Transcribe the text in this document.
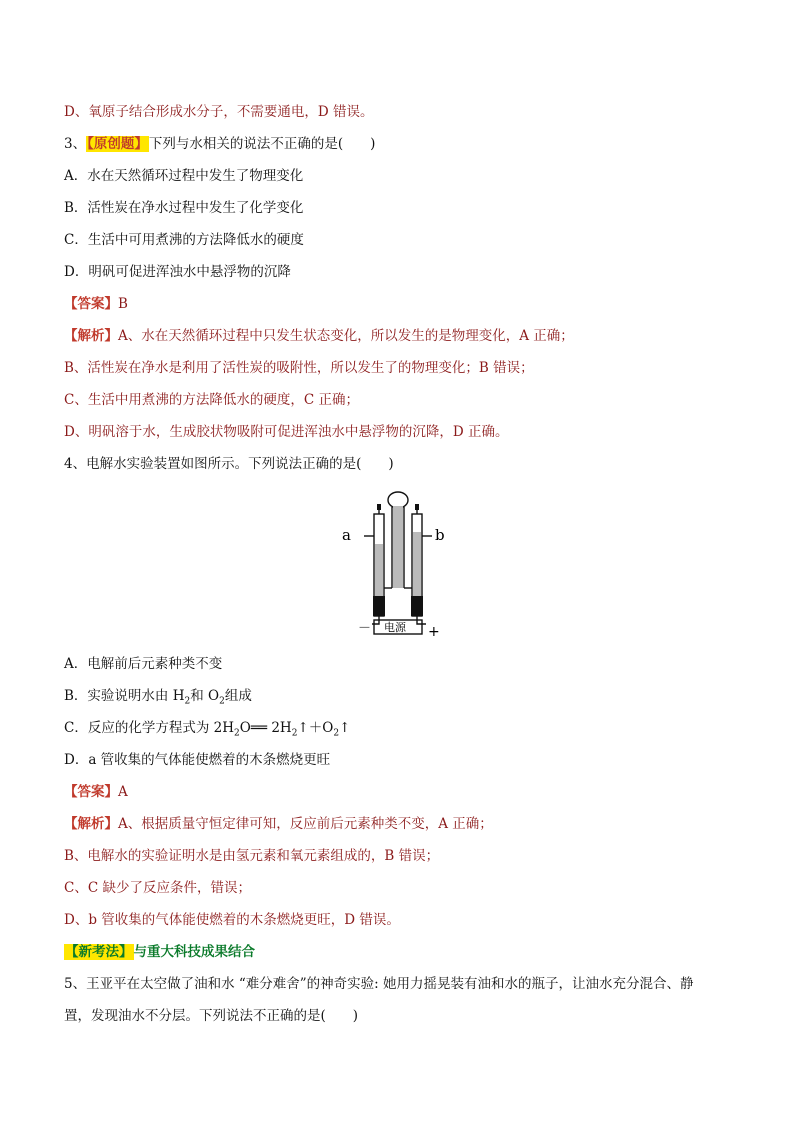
D、氧原子结合形成水分子，不需要通电，D 错误。
3、【原创题】下列与水相关的说法不正确的是(　　)
A．水在天然循环过程中发生了物理变化
B．活性炭在净水过程中发生了化学变化
C．生活中可用煮沸的方法降低水的硬度
D．明矾可促进浑浊水中悬浮物的沉降
【答案】B
【解析】A、水在天然循环过程中只发生状态变化，所以发生的是物理变化，A 正确；
B、活性炭在净水是利用了活性炭的吸附性，所以发生了的物理变化；B 错误；
C、生活中用煮沸的方法降低水的硬度，C 正确；
D、明矾溶于水，生成胶状物吸附可促进浑浊水中悬浮物的沉降，D 正确。
4、电解水实验装置如图所示。下列说法正确的是(　　)
a	b
电源
－	+
A．电解前后元素种类不变
B．实验说明水由 $H_2$和 $O_2$组成
C．反应的化学方程式为 $2H_2O══$ $2H_2↑+O_2↑$
D．a 管收集的气体能使燃着的木条燃烧更旺
【答案】A
【解析】A、根据质量守恒定律可知，反应前后元素种类不变，A 正确；
B、电解水的实验证明水是由氢元素和氧元素组成的，B 错误；
C、C 缺少了反应条件，错误；
D、b 管收集的气体能使燃着的木条燃烧更旺，D 错误。
【新考法】与重大科技成果结合
5、王亚平在太空做了油和水 “难分难舍”的神奇实验: 她用力摇晃装有油和水的瓶子，让油水充分混合、静
置，发现油水不分层。下列说法不正确的是(　　)
